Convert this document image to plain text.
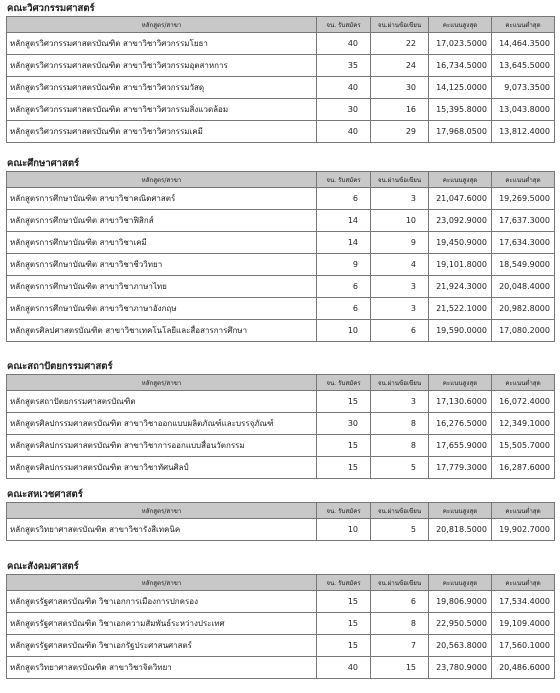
คณะวิศวกรรมศาสตร์
หลักสูตร/สาขา	จน. รับสมัคร	จน.ผ่านข้อเขียน	คะแนนสูงสุด	คะแนนต่ำสุด
หลักสูตรวิศวกรรมศาสตรบัณฑิต สาขาวิชาวิศวกรรมโยธา	40	22	17,023.5000	14,464.3500
หลักสูตรวิศวกรรมศาสตรบัณฑิต สาขาวิชาวิศวกรรมอุตสาหการ	35	24	16,734.5000	13,645.5000
หลักสูตรวิศวกรรมศาสตรบัณฑิต สาขาวิชาวิศวกรรมวัสดุ	40	30	14,125.0000	9,073.3500
หลักสูตรวิศวกรรมศาสตรบัณฑิต สาขาวิชาวิศวกรรมสิ่งแวดล้อม	30	16	15,395.8000	13,043.8000
หลักสูตรวิศวกรรมศาสตรบัณฑิต สาขาวิชาวิศวกรรมเคมี	40	29	17,968.0500	13,812.4000
คณะศึกษาศาสตร์
หลักสูตร/สาขา	จน. รับสมัคร	จน.ผ่านข้อเขียน	คะแนนสูงสุด	คะแนนต่ำสุด
หลักสูตรการศึกษาบัณฑิต สาขาวิชาคณิตศาสตร์	6	3	21,047.6000	19,269.5000
หลักสูตรการศึกษาบัณฑิต สาขาวิชาฟิสิกส์	14	10	23,092.9000	17,637.3000
หลักสูตรการศึกษาบัณฑิต สาขาวิชาเคมี	14	9	19,450.9000	17,634.3000
หลักสูตรการศึกษาบัณฑิต สาขาวิชาชีววิทยา	9	4	19,101.8000	18,549.9000
หลักสูตรการศึกษาบัณฑิต สาขาวิชาภาษาไทย	6	3	21,924.3000	20,048.4000
หลักสูตรการศึกษาบัณฑิต สาขาวิชาภาษาอังกฤษ	6	3	21,522.1000	20,982.8000
หลักสูตรศิลปศาสตรบัณฑิต สาขาวิชาเทคโนโลยีและสื่อสารการศึกษา	10	6	19,590.0000	17,080.2000
คณะสถาปัตยกรรมศาสตร์
หลักสูตร/สาขา	จน. รับสมัคร	จน.ผ่านข้อเขียน	คะแนนสูงสุด	คะแนนต่ำสุด
หลักสูตรสถาปัตยกรรมศาสตรบัณฑิต	15	3	17,130.6000	16,072.4000
หลักสูตรศิลปกรรมศาสตรบัณฑิต สาขาวิชาออกแบบผลิตภัณฑ์และบรรจุภัณฑ์	30	8	16,276.5000	12,349.1000
หลักสูตรศิลปกรรมศาสตรบัณฑิต สาขาวิชาการออกแบบสื่อนวัตกรรม	15	8	17,655.9000	15,505.7000
หลักสูตรศิลปกรรมศาสตรบัณฑิต สาขาวิชาทัศนศิลป์	15	5	17,779.3000	16,287.6000
คณะสหเวชศาสตร์
หลักสูตร/สาขา	จน. รับสมัคร	จน.ผ่านข้อเขียน	คะแนนสูงสุด	คะแนนต่ำสุด
หลักสูตรวิทยาศาสตรบัณฑิต สาขาวิชารังสีเทคนิค	10	5	20,818.5000	19,902.7000
คณะสังคมศาสตร์
หลักสูตร/สาขา	จน. รับสมัคร	จน.ผ่านข้อเขียน	คะแนนสูงสุด	คะแนนต่ำสุด
หลักสูตรรัฐศาสตรบัณฑิต วิชาเอกการเมืองการปกครอง	15	6	19,806.9000	17,534.4000
หลักสูตรรัฐศาสตรบัณฑิต วิชาเอกความสัมพันธ์ระหว่างประเทศ	15	8	22,950.5000	19,109.4000
หลักสูตรรัฐศาสตรบัณฑิต วิชาเอกรัฐประศาสนศาสตร์	15	7	20,563.8000	17,560.1000
หลักสูตรวิทยาศาสตรบัณฑิต สาขาวิชาจิตวิทยา	40	15	23,780.9000	20,486.6000
